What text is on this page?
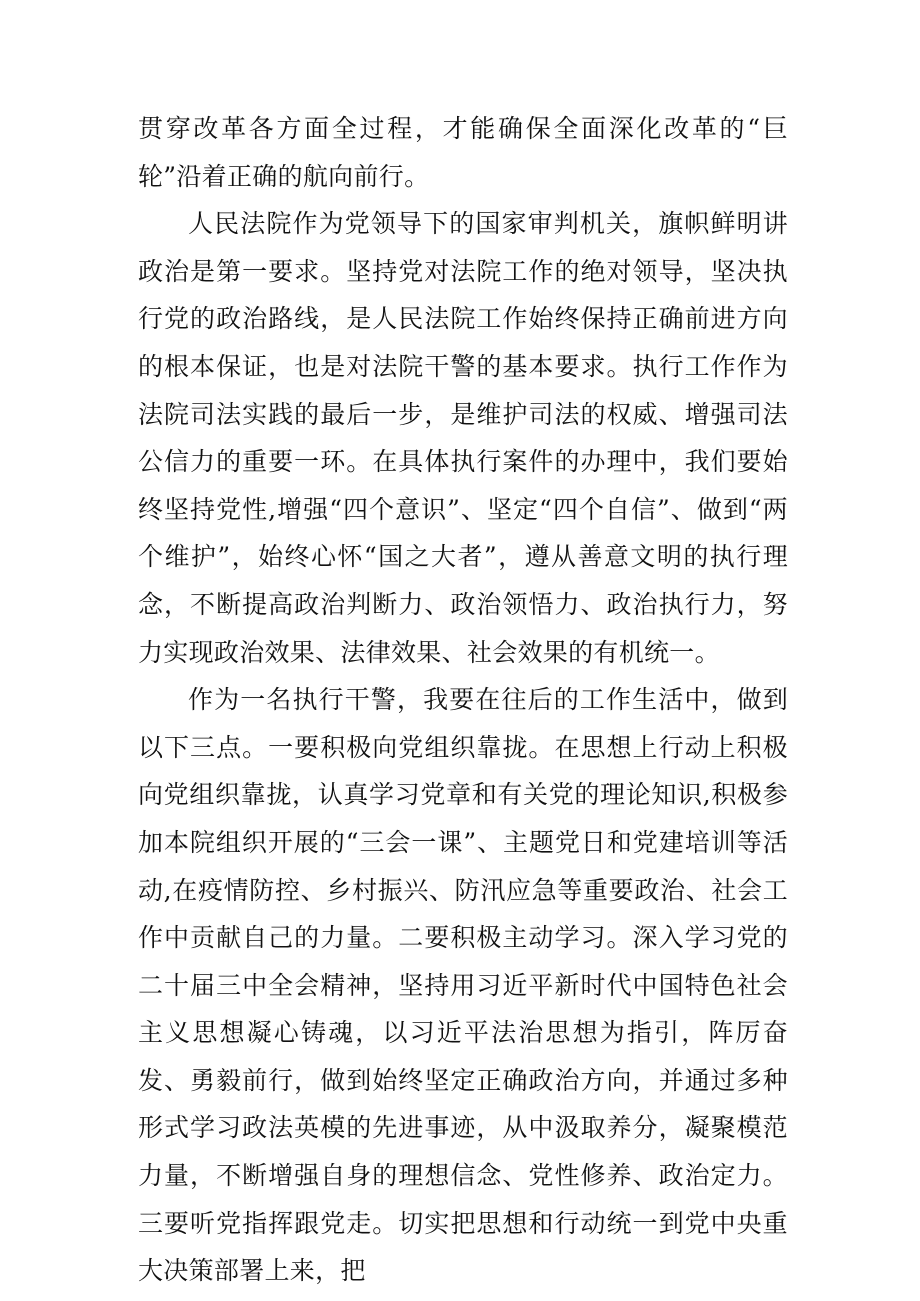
贯穿改革各方面全过程，才能确保全面深化改革的“巨轮”沿着正确的航向前行。

人民法院作为党领导下的国家审判机关，旗帜鲜明讲政治是第一要求。坚持党对法院工作的绝对领导，坚决执行党的政治路线，是人民法院工作始终保持正确前进方向的根本保证，也是对法院干警的基本要求。执行工作作为法院司法实践的最后一步，是维护司法的权威、增强司法公信力的重要一环。在具体执行案件的办理中，我们要始终坚持党性,增强“四个意识”、坚定“四个自信”、做到“两个维护”，始终心怀“国之大者”，遵从善意文明的执行理念，不断提高政治判断力、政治领悟力、政治执行力，努力实现政治效果、法律效果、社会效果的有机统一。

作为一名执行干警，我要在往后的工作生活中，做到以下三点。一要积极向党组织靠拢。在思想上行动上积极向党组织靠拢，认真学习党章和有关党的理论知识,积极参加本院组织开展的“三会一课”、主题党日和党建培训等活动,在疫情防控、乡村振兴、防汛应急等重要政治、社会工作中贡献自己的力量。二要积极主动学习。深入学习党的二十届三中全会精神，坚持用习近平新时代中国特色社会主义思想凝心铸魂，以习近平法治思想为指引，阵厉奋发、勇毅前行，做到始终坚定正确政治方向，并通过多种形式学习政法英模的先进事迹，从中汲取养分，凝聚模范力量，不断增强自身的理想信念、党性修养、政治定力。三要听党指挥跟党走。切实把思想和行动统一到党中央重大决策部署上来，把
